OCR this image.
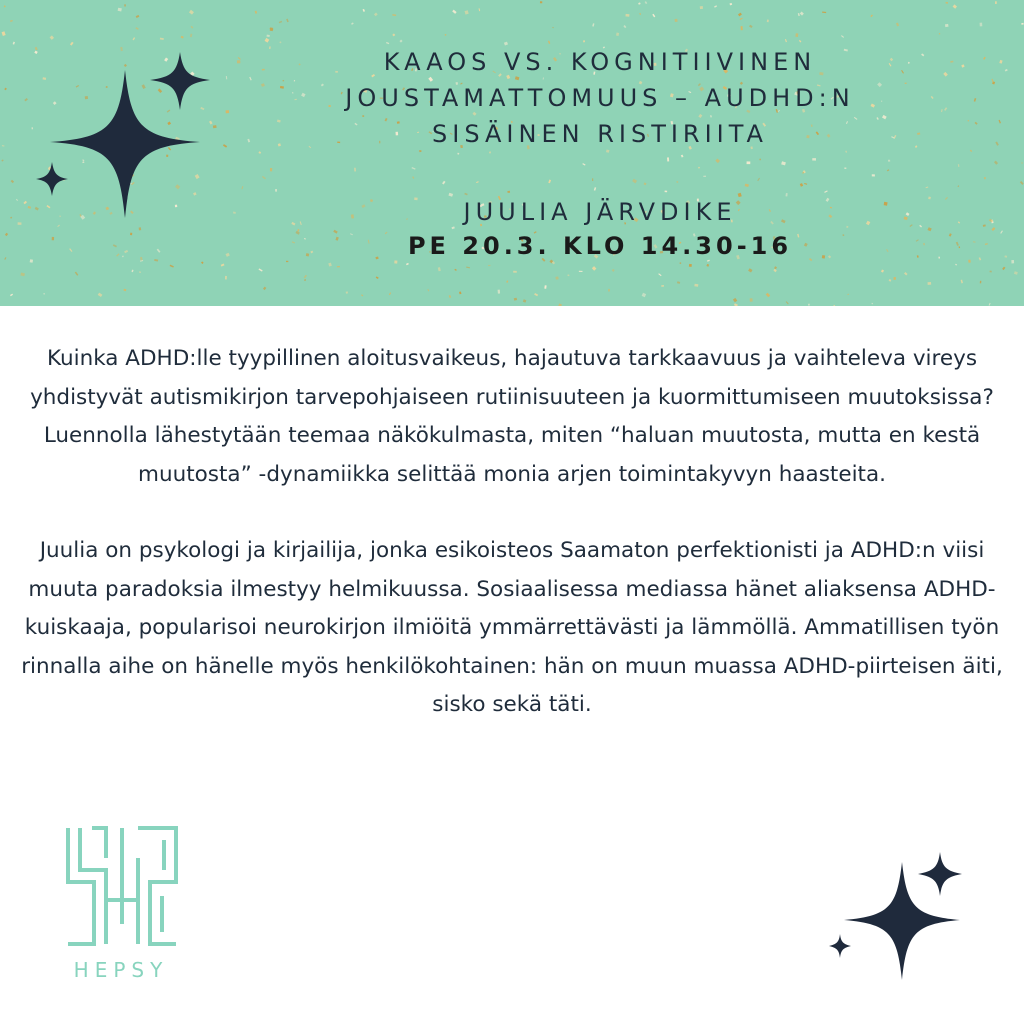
KAAOS VS. KOGNITIIVINEN
JOUSTAMATTOMUUS – AUDHD:N
SISÄINEN RISTIRIITA
JUULIA JÄRVDIKE
PE 20.3. KLO 14.30-16

Kuinka ADHD:lle tyypillinen aloitusvaikeus, hajautuva tarkkaavuus ja vaihteleva vireys yhdistyvät autismikirjon tarvepohjaiseen rutiinisuuteen ja kuormittumiseen muutoksissa? Luennolla lähestytään teemaa näkökulmasta, miten “haluan muutosta, mutta en kestä muutosta” -dynamiikka selittää monia arjen toimintakyvyn haasteita.

Juulia on psykologi ja kirjailija, jonka esikoisteos Saamaton perfektionisti ja ADHD:n viisi muuta paradoksia ilmestyy helmikuussa. Sosiaalisessa mediassa hänet aliaksensa ADHD-kuiskaaja, popularisoi neurokirjon ilmiöitä ymmärrettävästi ja lämmöllä. Ammatillisen työn rinnalla aihe on hänelle myös henkilökohtainen: hän on muun muassa ADHD-piirteisen äiti, sisko sekä täti.

HEPSY
